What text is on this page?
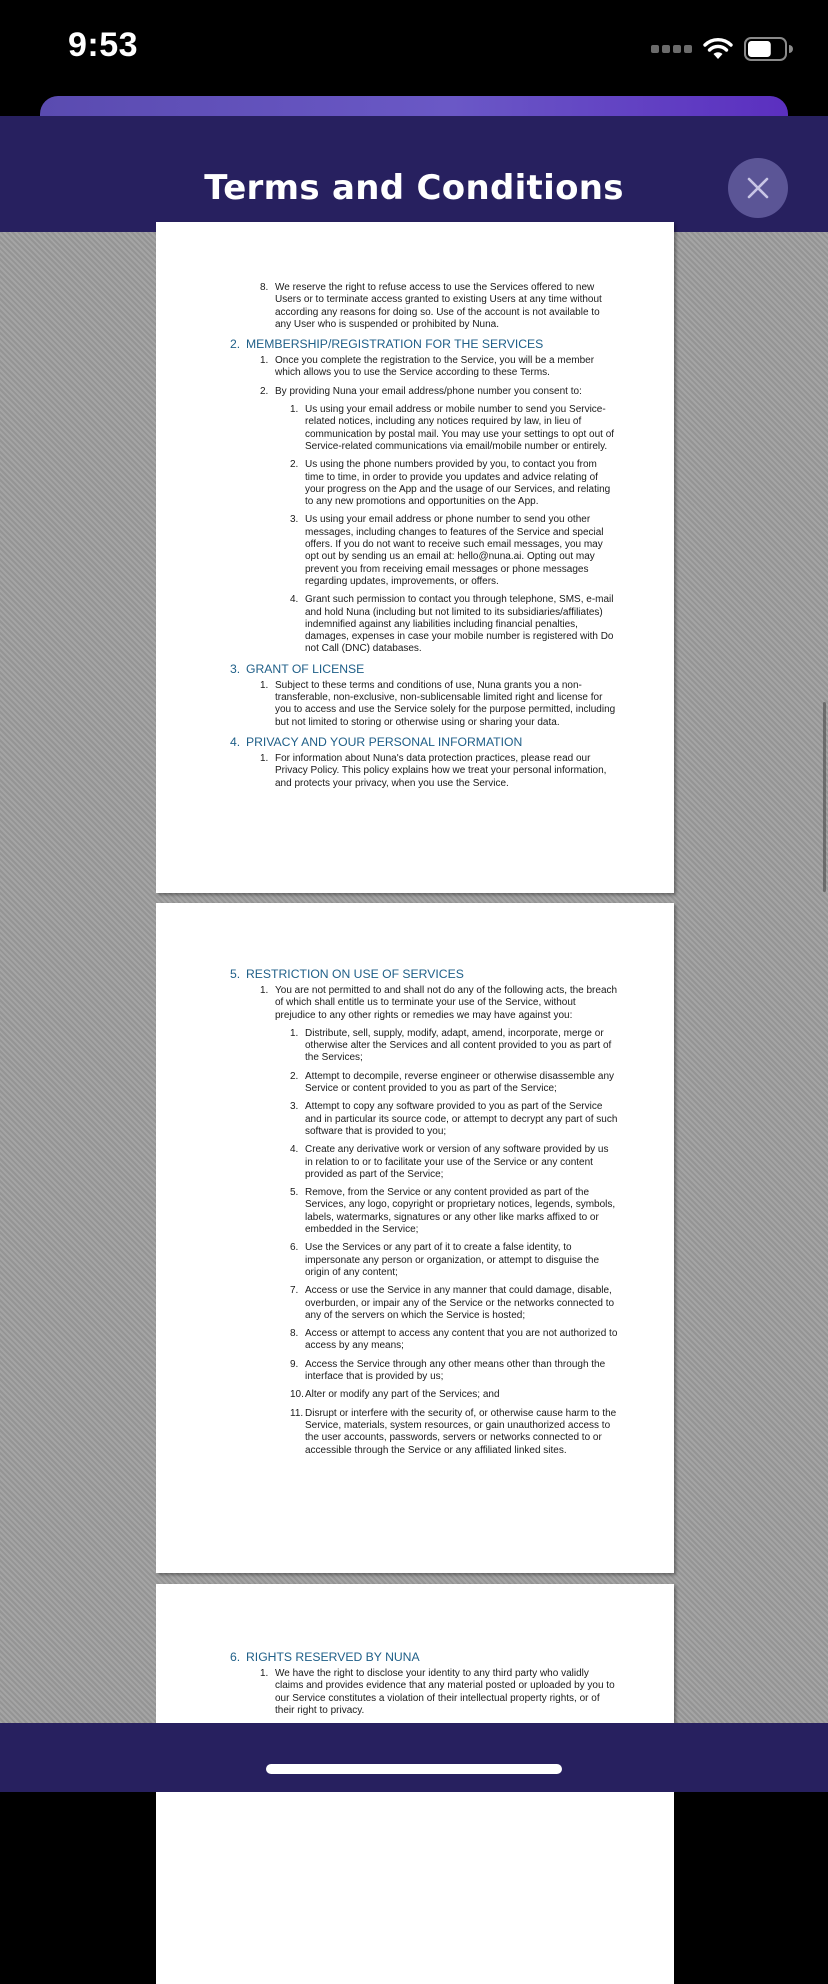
9:53
Terms and Conditions
8. We reserve the right to refuse access to use the Services offered to new Users or to terminate access granted to existing Users at any time without according any reasons for doing so. Use of the account is not available to any User who is suspended or prohibited by Nuna.
2. MEMBERSHIP/REGISTRATION FOR THE SERVICES
1. Once you complete the registration to the Service, you will be a member which allows you to use the Service according to these Terms.
2. By providing Nuna your email address/phone number you consent to:
1. Us using your email address or mobile number to send you Service-related notices, including any notices required by law, in lieu of communication by postal mail. You may use your settings to opt out of Service-related communications via email/mobile number or entirely.
2. Us using the phone numbers provided by you, to contact you from time to time, in order to provide you updates and advice relating of your progress on the App and the usage of our Services, and relating to any new promotions and opportunities on the App.
3. Us using your email address or phone number to send you other messages, including changes to features of the Service and special offers. If you do not want to receive such email messages, you may opt out by sending us an email at: hello@nuna.ai. Opting out may prevent you from receiving email messages or phone messages regarding updates, improvements, or offers.
4. Grant such permission to contact you through telephone, SMS, e-mail and hold Nuna (including but not limited to its subsidiaries/affiliates) indemnified against any liabilities including financial penalties, damages, expenses in case your mobile number is registered with Do not Call (DNC) databases.
3. GRANT OF LICENSE
1. Subject to these terms and conditions of use, Nuna grants you a non-transferable, non-exclusive, non-sublicensable limited right and license for you to access and use the Service solely for the purpose permitted, including but not limited to storing or otherwise using or sharing your data.
4. PRIVACY AND YOUR PERSONAL INFORMATION
1. For information about Nuna's data protection practices, please read our Privacy Policy. This policy explains how we treat your personal information, and protects your privacy, when you use the Service.
5. RESTRICTION ON USE OF SERVICES
1. You are not permitted to and shall not do any of the following acts, the breach of which shall entitle us to terminate your use of the Service, without prejudice to any other rights or remedies we may have against you:
1. Distribute, sell, supply, modify, adapt, amend, incorporate, merge or otherwise alter the Services and all content provided to you as part of the Services;
2. Attempt to decompile, reverse engineer or otherwise disassemble any Service or content provided to you as part of the Service;
3. Attempt to copy any software provided to you as part of the Service and in particular its source code, or attempt to decrypt any part of such software that is provided to you;
4. Create any derivative work or version of any software provided by us in relation to or to facilitate your use of the Service or any content provided as part of the Service;
5. Remove, from the Service or any content provided as part of the Services, any logo, copyright or proprietary notices, legends, symbols, labels, watermarks, signatures or any other like marks affixed to or embedded in the Service;
6. Use the Services or any part of it to create a false identity, to impersonate any person or organization, or attempt to disguise the origin of any content;
7. Access or use the Service in any manner that could damage, disable, overburden, or impair any of the Service or the networks connected to any of the servers on which the Service is hosted;
8. Access or attempt to access any content that you are not authorized to access by any means;
9. Access the Service through any other means other than through the interface that is provided by us;
10. Alter or modify any part of the Services; and
11. Disrupt or interfere with the security of, or otherwise cause harm to the Service, materials, system resources, or gain unauthorized access to the user accounts, passwords, servers or networks connected to or accessible through the Service or any affiliated linked sites.
6. RIGHTS RESERVED BY NUNA
1. We have the right to disclose your identity to any third party who validly claims and provides evidence that any material posted or uploaded by you to our Service constitutes a violation of their intellectual property rights, or of their right to privacy.
